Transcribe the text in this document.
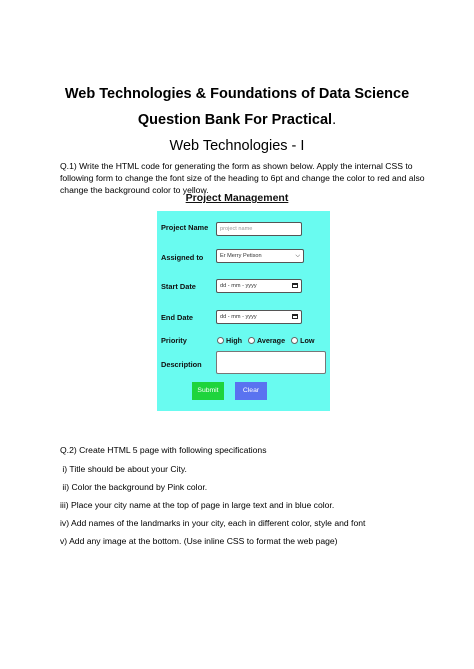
Web Technologies & Foundations of Data Science
Question Bank For Practical.
Web Technologies - I
Q.1) Write the HTML code for generating the form as shown below. Apply the internal CSS to
following form to change the font size of the heading to 6pt and change the color to red and also
change the background color to yellow.
Project Management
Project Name	project name
Assigned to	Er Merry Petison	⌵
Start Date	dd - mm - yyyy
End Date	dd - mm - yyyy
Priority	High Average Low
Description
Submit	Clear
Q.2) Create HTML 5 page with following specifications
i) Title should be about your City.
ii) Color the background by Pink color.
iii) Place your city name at the top of page in large text and in blue color.
iv) Add names of the landmarks in your city, each in different color, style and font
v) Add any image at the bottom. (Use inline CSS to format the web page)
